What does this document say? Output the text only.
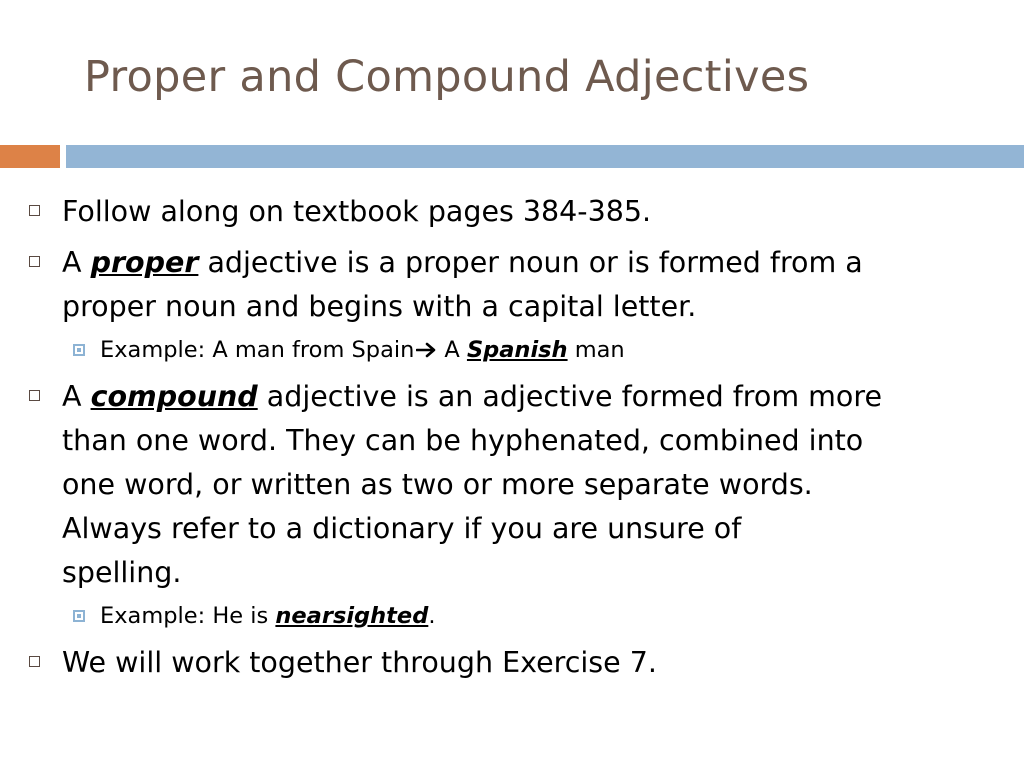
Proper and Compound Adjectives
Follow along on textbook pages 384-385.
A proper adjective is a proper noun or is formed from a
proper noun and begins with a capital letter.
Example: A man from Spain A Spanish man
A compound adjective is an adjective formed from more
than one word. They can be hyphenated, combined into
one word, or written as two or more separate words.
Always refer to a dictionary if you are unsure of
spelling.
Example: He is nearsighted.
We will work together through Exercise 7.
